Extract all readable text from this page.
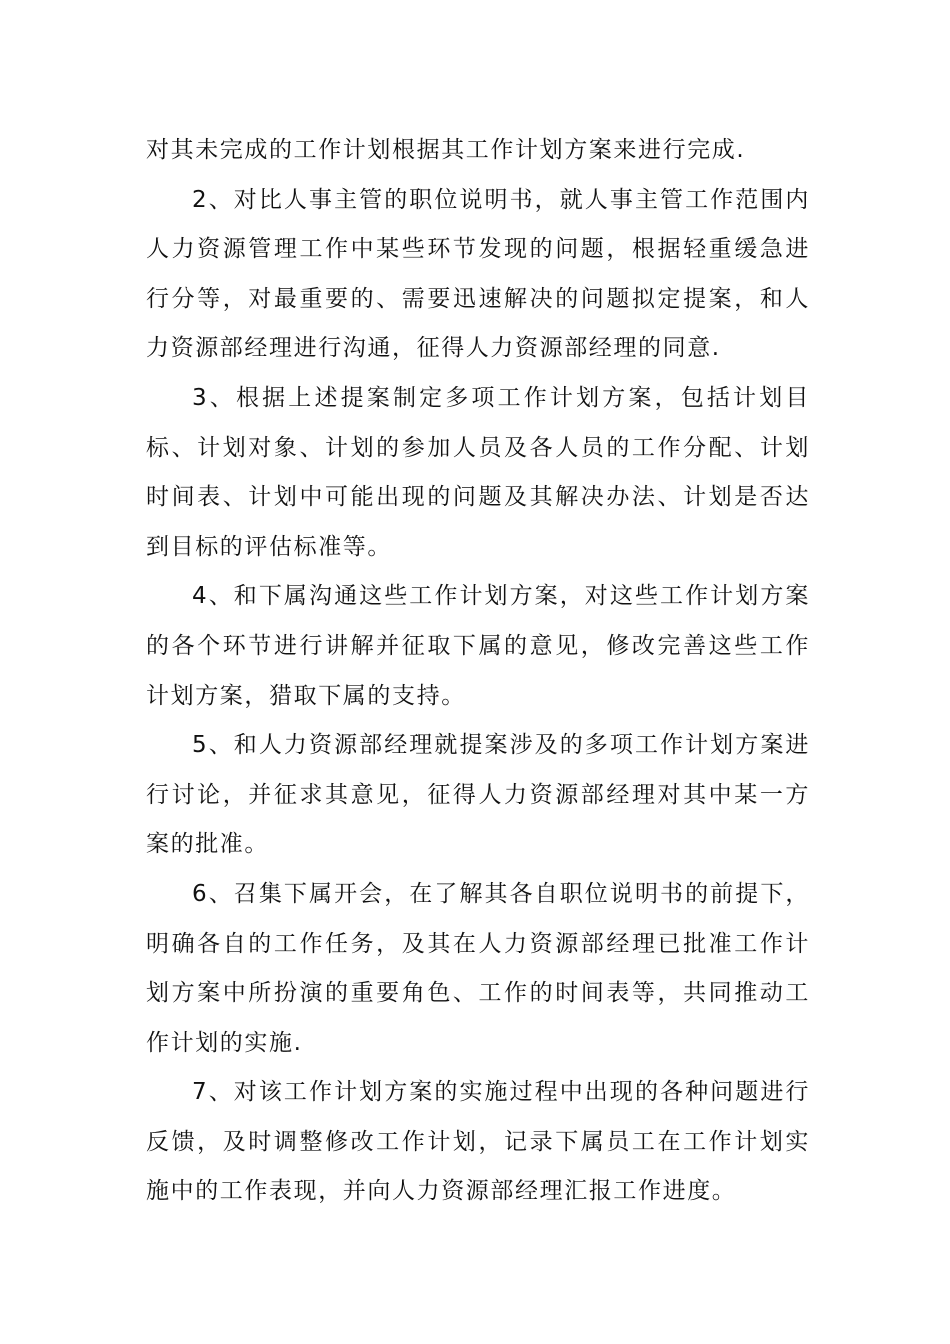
对其未完成的工作计划根据其工作计划方案来进行完成.

2、对比人事主管的职位说明书，就人事主管工作范围内人力资源管理工作中某些环节发现的问题，根据轻重缓急进行分等，对最重要的、需要迅速解决的问题拟定提案，和人力资源部经理进行沟通，征得人力资源部经理的同意.

3、根据上述提案制定多项工作计划方案，包括计划目标、计划对象、计划的参加人员及各人员的工作分配、计划时间表、计划中可能出现的问题及其解决办法、计划是否达到目标的评估标准等。

4、和下属沟通这些工作计划方案，对这些工作计划方案的各个环节进行讲解并征取下属的意见，修改完善这些工作计划方案，猎取下属的支持。

5、和人力资源部经理就提案涉及的多项工作计划方案进行讨论，并征求其意见，征得人力资源部经理对其中某一方案的批准。

6、召集下属开会，在了解其各自职位说明书的前提下，明确各自的工作任务，及其在人力资源部经理已批准工作计划方案中所扮演的重要角色、工作的时间表等，共同推动工作计划的实施.

7、对该工作计划方案的实施过程中出现的各种问题进行反馈，及时调整修改工作计划，记录下属员工在工作计划实施中的工作表现，并向人力资源部经理汇报工作进度。
